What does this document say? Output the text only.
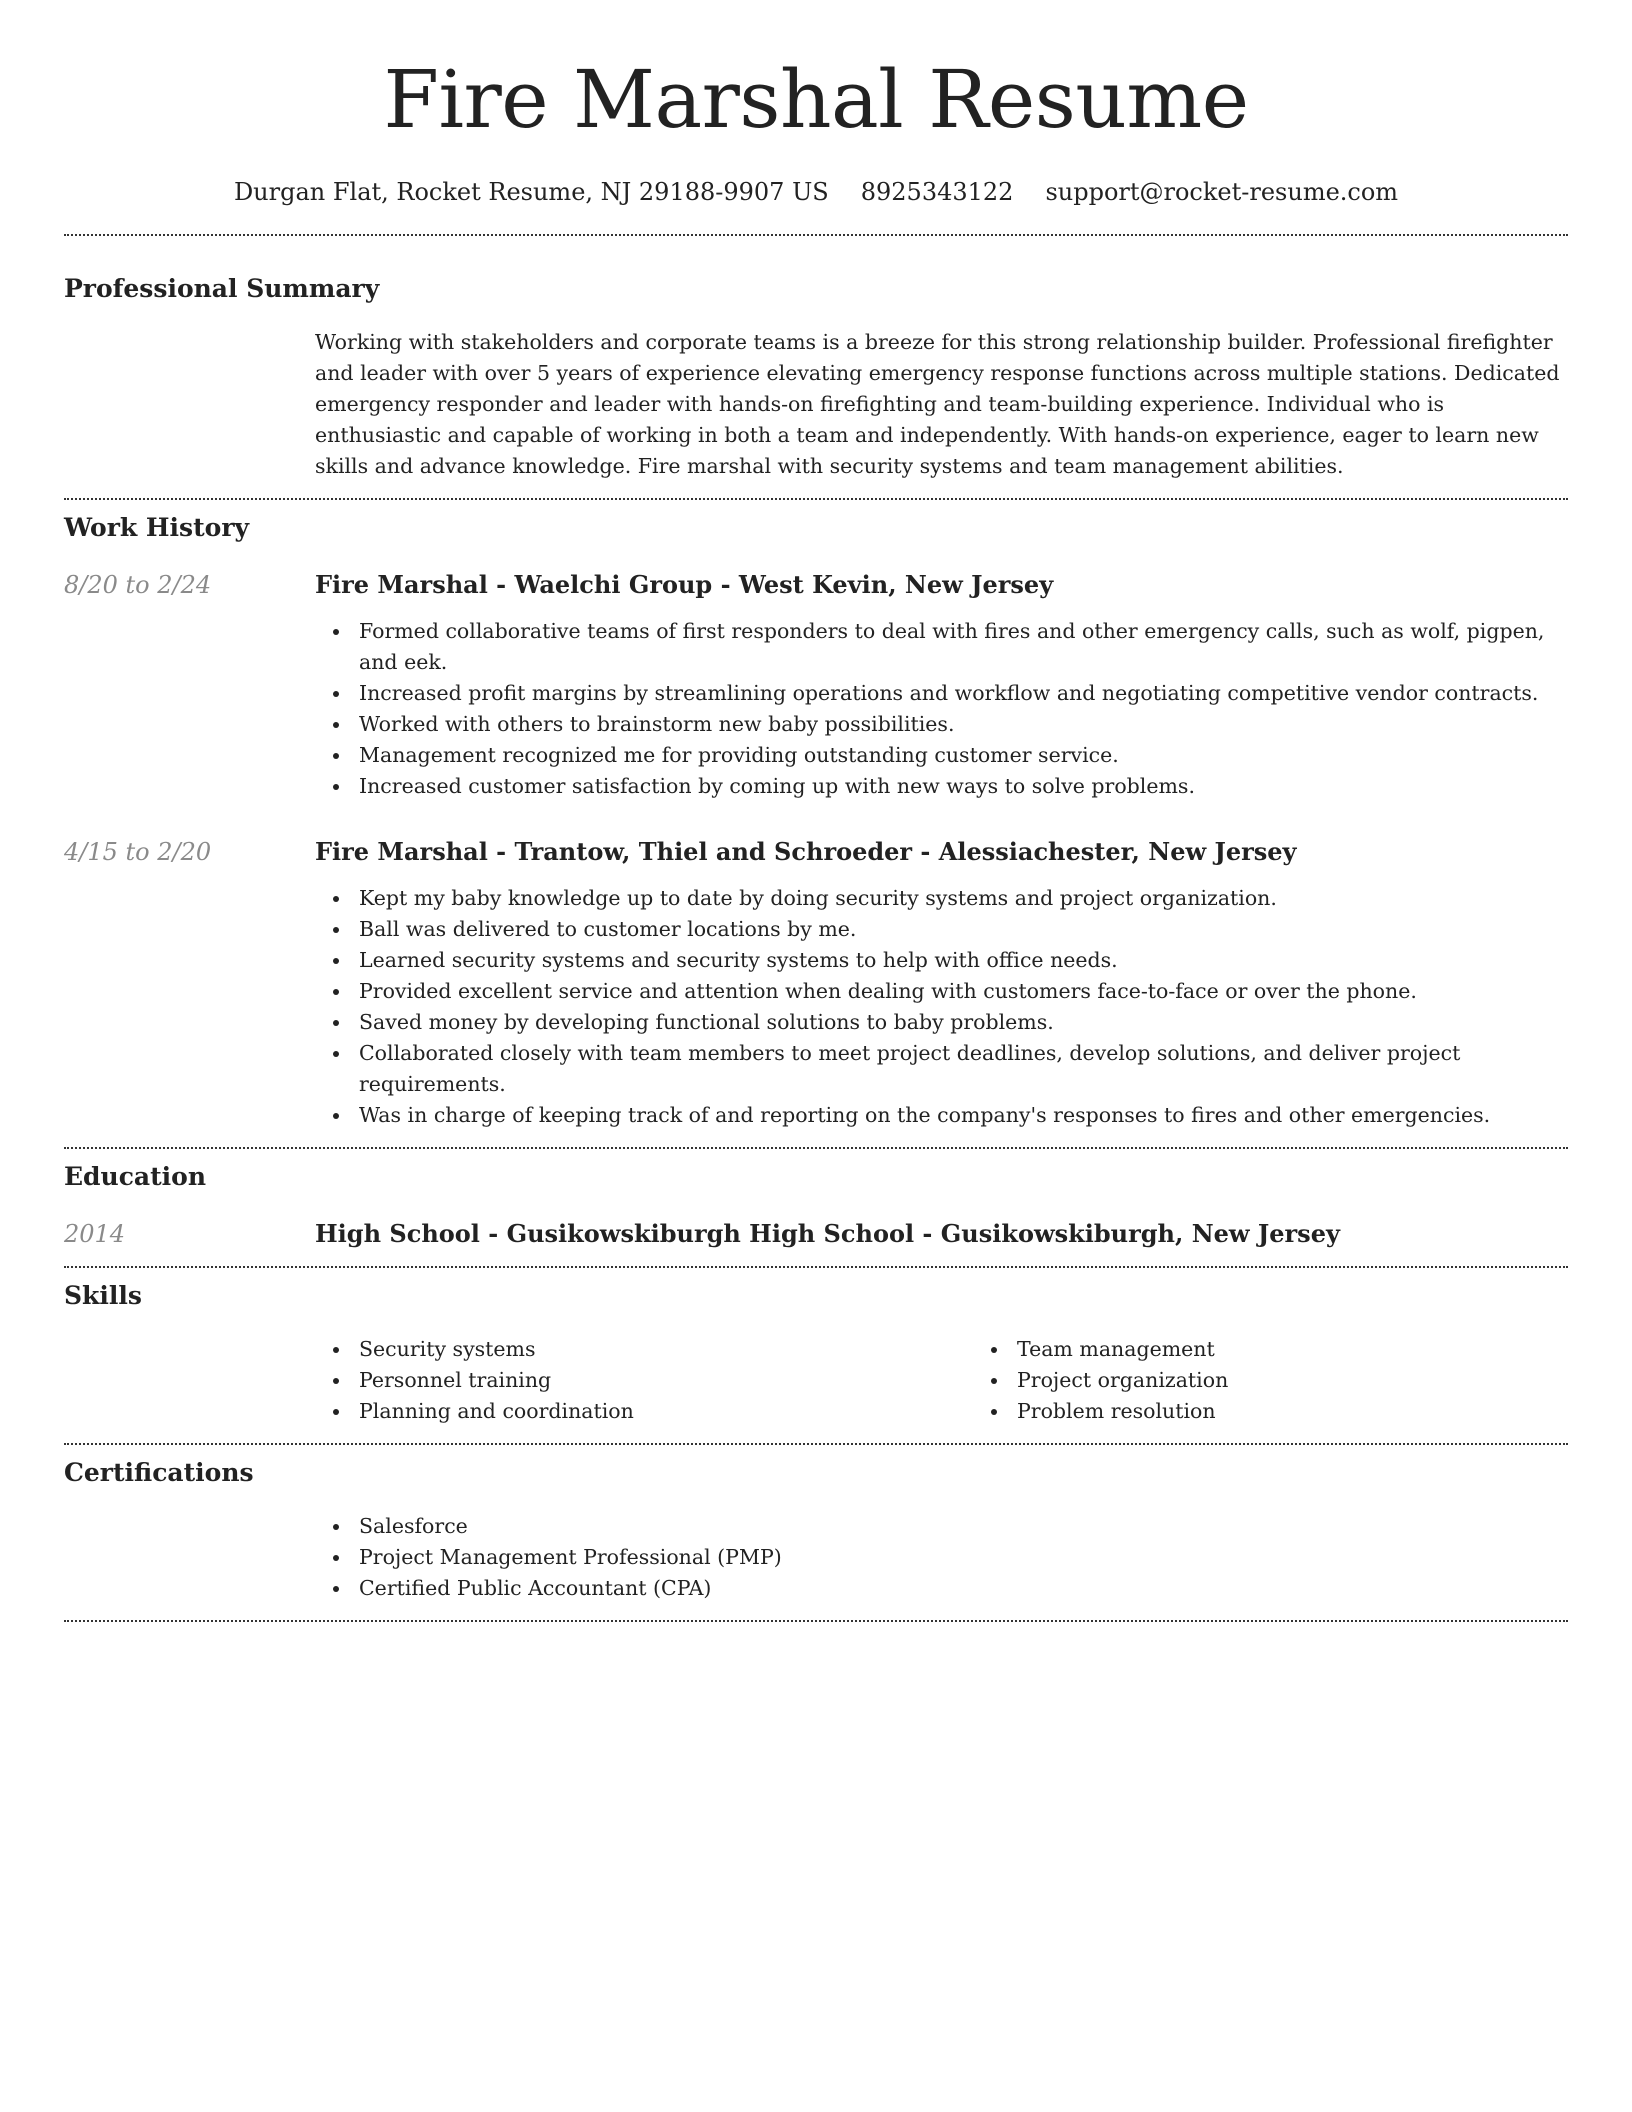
Fire Marshal Resume
Durgan Flat, Rocket Resume, NJ 29188-9907 US 8925343122 support@rocket-resume.com
Professional Summary

Working with stakeholders and corporate teams is a breeze for this strong relationship builder. Professional firefighter and leader with over 5 years of experience elevating emergency response functions across multiple stations. Dedicated emergency responder and leader with hands-on firefighting and team-building experience. Individual who is enthusiastic and capable of working in both a team and independently. With hands-on experience, eager to learn new skills and advance knowledge. Fire marshal with security systems and team management abilities.

Work History
8/20 to 2/24	Fire Marshal - Waelchi Group - West Kevin, New Jersey
Formed collaborative teams of first responders to deal with fires and other emergency calls, such as wolf, pigpen, and eek.
Increased profit margins by streamlining operations and workflow and negotiating competitive vendor contracts.
Worked with others to brainstorm new baby possibilities.
Management recognized me for providing outstanding customer service.
Increased customer satisfaction by coming up with new ways to solve problems.
4/15 to 2/20	Fire Marshal - Trantow, Thiel and Schroeder - Alessiachester, New Jersey
Kept my baby knowledge up to date by doing security systems and project organization.
Ball was delivered to customer locations by me.
Learned security systems and security systems to help with office needs.
Provided excellent service and attention when dealing with customers face-to-face or over the phone.
Saved money by developing functional solutions to baby problems.
Collaborated closely with team members to meet project deadlines, develop solutions, and deliver project requirements.
Was in charge of keeping track of and reporting on the company's responses to fires and other emergencies.
Education
2014	High School - Gusikowskiburgh High School - Gusikowskiburgh, New Jersey
Skills
Security systems
Personnel training
Planning and coordination
Team management
Project organization
Problem resolution
Certifications
Salesforce
Project Management Professional (PMP)
Certified Public Accountant (CPA)
